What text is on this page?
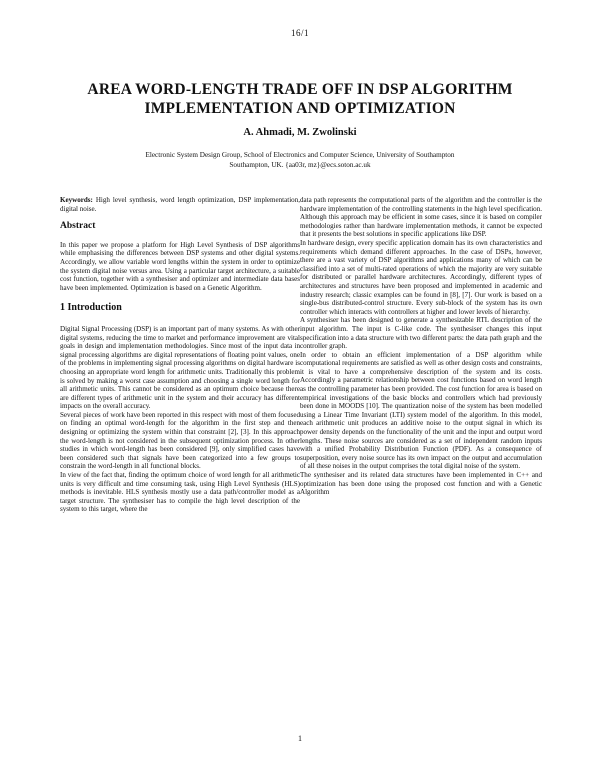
16/1
AREA WORD-LENGTH TRADE OFF IN DSP ALGORITHM IMPLEMENTATION AND OPTIMIZATION
A. Ahmadi, M. Zwolinski
Electronic System Design Group, School of Electronics and Computer Science, University of Southampton
Southampton, UK. {aa03r, mz}@ecs.soton.ac.uk

Keywords: High level synthesis, word length optimization, DSP implementation, digital noise.

Abstract

In this paper we propose a platform for High Level Synthesis of DSP algorithms while emphasising the differences between DSP systems and other digital systems. Accordingly, we allow variable word lengths within the system in order to optimize the system digital noise versus area. Using a particular target architecture, a suitable cost function, together with a synthesiser and optimizer and intermediate data bases have been implemented. Optimization is based on a Genetic Algorithm.

1 Introduction

Digital Signal Processing (DSP) is an important part of many systems. As with other digital systems, reducing the time to market and performance improvement are vital goals in design and implementation methodologies. Since most of the input data in signal processing algorithms are digital representations of floating point values, one of the problems in implementing signal processing algorithms on digital hardware is choosing an appropriate word length for arithmetic units. Traditionally this problem is solved by making a worst case assumption and choosing a single word length for all arithmetic units. This cannot be considered as an optimum choice because there are different types of arithmetic unit in the system and their accuracy has different impacts on the overall accuracy.

Several pieces of work have been reported in this respect with most of them focused on finding an optimal word-length for the algorithm in the first step and then designing or optimizing the system within that constraint [2], [3]. In this approach the word-length is not considered in the subsequent optimization process. In other studies in which word-length has been considered [9], only simplified cases have been considered such that signals have been categorized into a few groups to constrain the word-length in all functional blocks.

In view of the fact that, finding the optimum choice of word length for all arithmetic units is very difficult and time consuming task, using High Level Synthesis (HLS) methods is inevitable. HLS synthesis mostly use a data path/controller model as a target structure. The synthesiser has to compile the high level description of the system to this target, where the

data path represents the computational parts of the algorithm and the controller is the hardware implementation of the controlling statements in the high level specification. Although this approach may be efficient in some cases, since it is based on compiler methodologies rather than hardware implementation methods, it cannot be expected that it presents the best solutions in specific applications like DSP.

In hardware design, every specific application domain has its own characteristics and requirements which demand different approaches. In the case of DSPs, however, there are a vast variety of DSP algorithms and applications many of which can be classified into a set of multi-rated operations of which the majority are very suitable for distributed or parallel hardware architectures. Accordingly, different types of architectures and structures have been proposed and implemented in academic and industry research; classic examples can be found in [8], [7]. Our work is based on a single-bus distributed-control structure. Every sub-block of the system has its own controller which interacts with controllers at higher and lower levels of hierarchy.

A synthesiser has been designed to generate a synthesizable RTL description of the input algorithm. The input is C-like code. The synthesiser changes this input specification into a data structure with two different parts: the data path graph and the controller graph.

In order to obtain an efficient implementation of a DSP algorithm while computational requirements are satisfied as well as other design costs and constraints, it is vital to have a comprehensive description of the system and its costs. Accordingly a parametric relationship between cost functions based on word length as the controlling parameter has been provided. The cost function for area is based on empirical investigations of the basic blocks and controllers which had previously been done in MOODS [10]. The quantization noise of the system has been modelled using a Linear Time Invariant (LTI) system model of the algorithm. In this model, each arithmetic unit produces an additive noise to the output signal in which its power density depends on the functionality of the unit and the input and output word lengths. These noise sources are considered as a set of independent random inputs with a unified Probability Distribution Function (PDF). As a consequence of superposition, every noise source has its own impact on the output and accumulation of all these noises in the output comprises the total digital noise of the system.

The synthesiser and its related data structures have been implemented in C++ and optimization has been done using the proposed cost function and with a Genetic Algorithm

1
